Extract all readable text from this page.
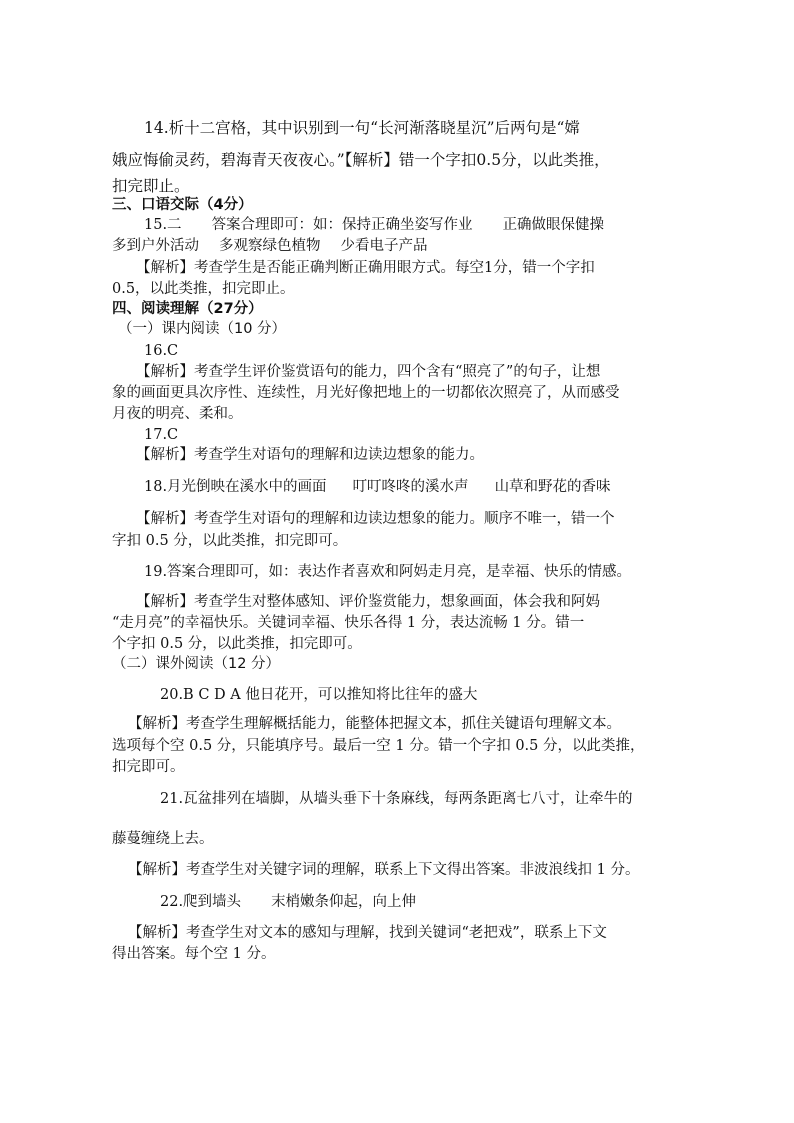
14.析十二宫格，其中识别到一句“长河渐落晓星沉”后两句是“嫦
娥应悔偷灵药，碧海青天夜夜心。”【解析】错一个字扣0.5分，以此类推，
扣完即止。
三、口语交际（4分）
15.二 答案合理即可：如：保持正确坐姿写作业 正确做眼保健操
多到户外活动 多观察绿色植物 少看电子产品
【解析】考查学生是否能正确判断正确用眼方式。每空1分，错一个字扣
0.5，以此类推，扣完即止。
四、阅读理解（27分）
（一）课内阅读（10 分）
16.C
【解析】考查学生评价鉴赏语句的能力，四个含有“照亮了”的句子，让想
象的画面更具次序性、连续性，月光好像把地上的一切都依次照亮了，从而感受
月夜的明亮、柔和。
17.C
【解析】考查学生对语句的理解和边读边想象的能力。
18.月光倒映在溪水中的画面 叮叮咚咚的溪水声 山草和野花的香味
【解析】考查学生对语句的理解和边读边想象的能力。顺序不唯一，错一个
字扣 0.5 分，以此类推，扣完即可。
19.答案合理即可，如：表达作者喜欢和阿妈走月亮，是幸福、快乐的情感。
【解析】考查学生对整体感知、评价鉴赏能力，想象画面，体会我和阿妈
“走月亮”的幸福快乐。关键词幸福、快乐各得 1 分，表达流畅 1 分。错一
个字扣 0.5 分，以此类推，扣完即可。
（二）课外阅读（12 分）
20.B C D A 他日花开，可以推知将比往年的盛大
【解析】考查学生理解概括能力，能整体把握文本，抓住关键语句理解文本。
选项每个空 0.5 分，只能填序号。最后一空 1 分。错一个字扣 0.5 分，以此类推，
扣完即可。
21.瓦盆排列在墙脚，从墙头垂下十条麻线，每两条距离七八寸，让牵牛的
藤蔓缠绕上去。
【解析】考查学生对关键字词的理解，联系上下文得出答案。非波浪线扣 1 分。
22.爬到墙头 末梢嫩条仰起，向上伸
【解析】考查学生对文本的感知与理解，找到关键词“老把戏”，联系上下文
得出答案。每个空 1 分。
